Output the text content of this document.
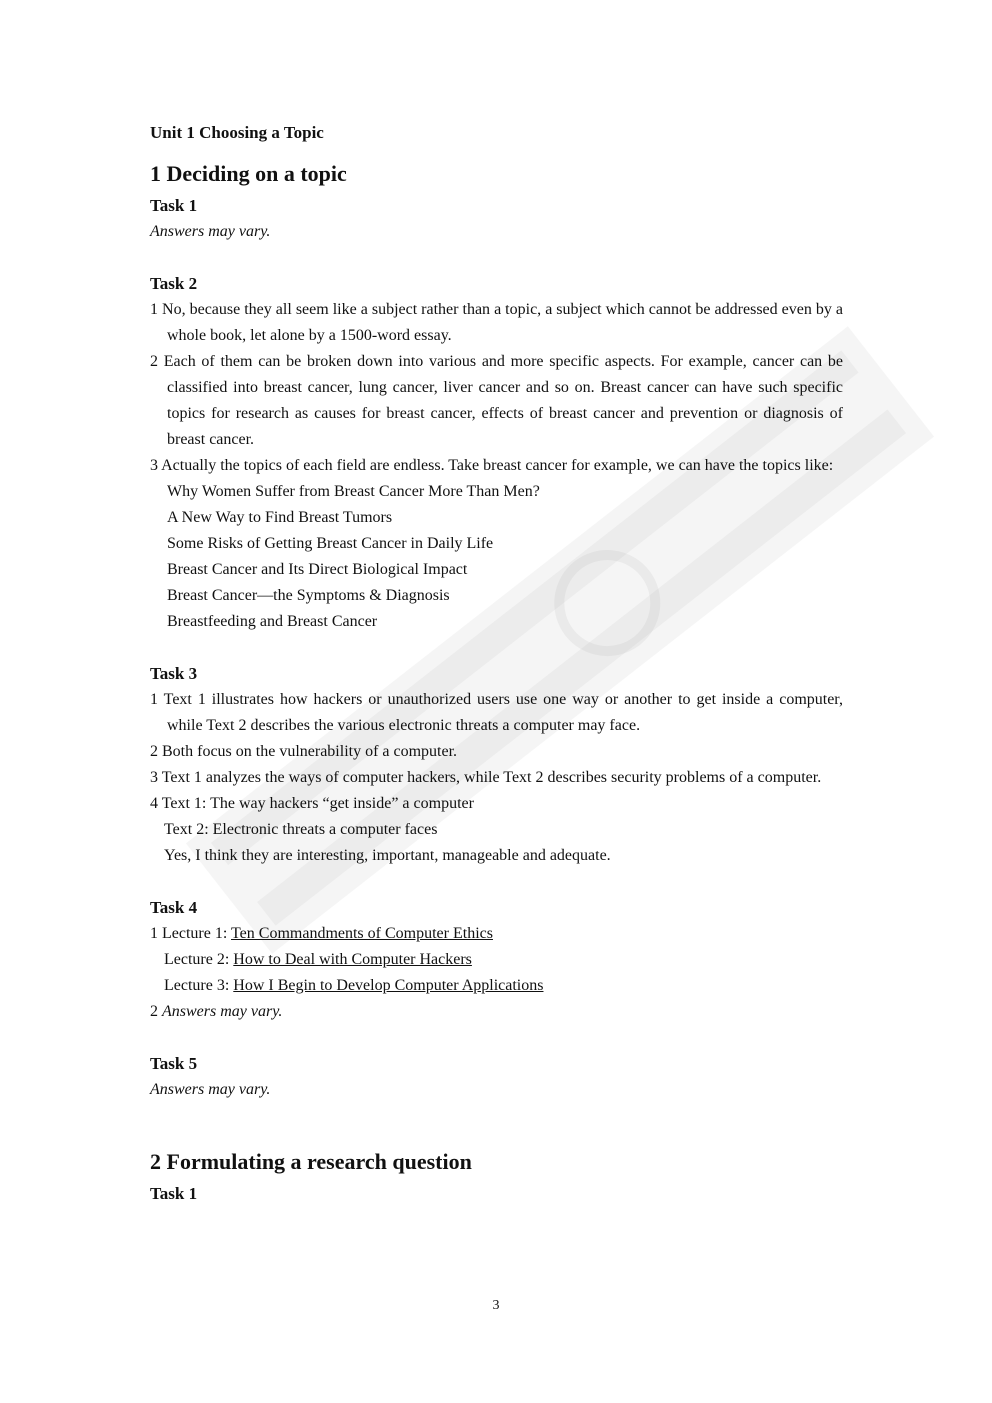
Unit 1 Choosing a Topic

1 Deciding on a topic

Task 1

Answers may vary.

Task 2

1 No, because they all seem like a subject rather than a topic, a subject which cannot be addressed even by a whole book, let alone by a 1500-word essay.

2 Each of them can be broken down into various and more specific aspects. For example, cancer can be classified into breast cancer, lung cancer, liver cancer and so on. Breast cancer can have such specific topics for research as causes for breast cancer, effects of breast cancer and prevention or diagnosis of breast cancer.

3 Actually the topics of each field are endless. Take breast cancer for example, we can have the topics like:

Why Women Suffer from Breast Cancer More Than Men?

A New Way to Find Breast Tumors

Some Risks of Getting Breast Cancer in Daily Life

Breast Cancer and Its Direct Biological Impact

Breast Cancer—the Symptoms & Diagnosis

Breastfeeding and Breast Cancer

Task 3

1 Text 1 illustrates how hackers or unauthorized users use one way or another to get inside a computer, while Text 2 describes the various electronic threats a computer may face.

2 Both focus on the vulnerability of a computer.

3 Text 1 analyzes the ways of computer hackers, while Text 2 describes security problems of a computer.

4 Text 1: The way hackers “get inside” a computer

Text 2: Electronic threats a computer faces

Yes, I think they are interesting, important, manageable and adequate.

Task 4

1 Lecture 1: Ten Commandments of Computer Ethics

Lecture 2: How to Deal with Computer Hackers

Lecture 3: How I Begin to Develop Computer Applications

2 Answers may vary.

Task 5

Answers may vary.

2 Formulating a research question

Task 1

3
